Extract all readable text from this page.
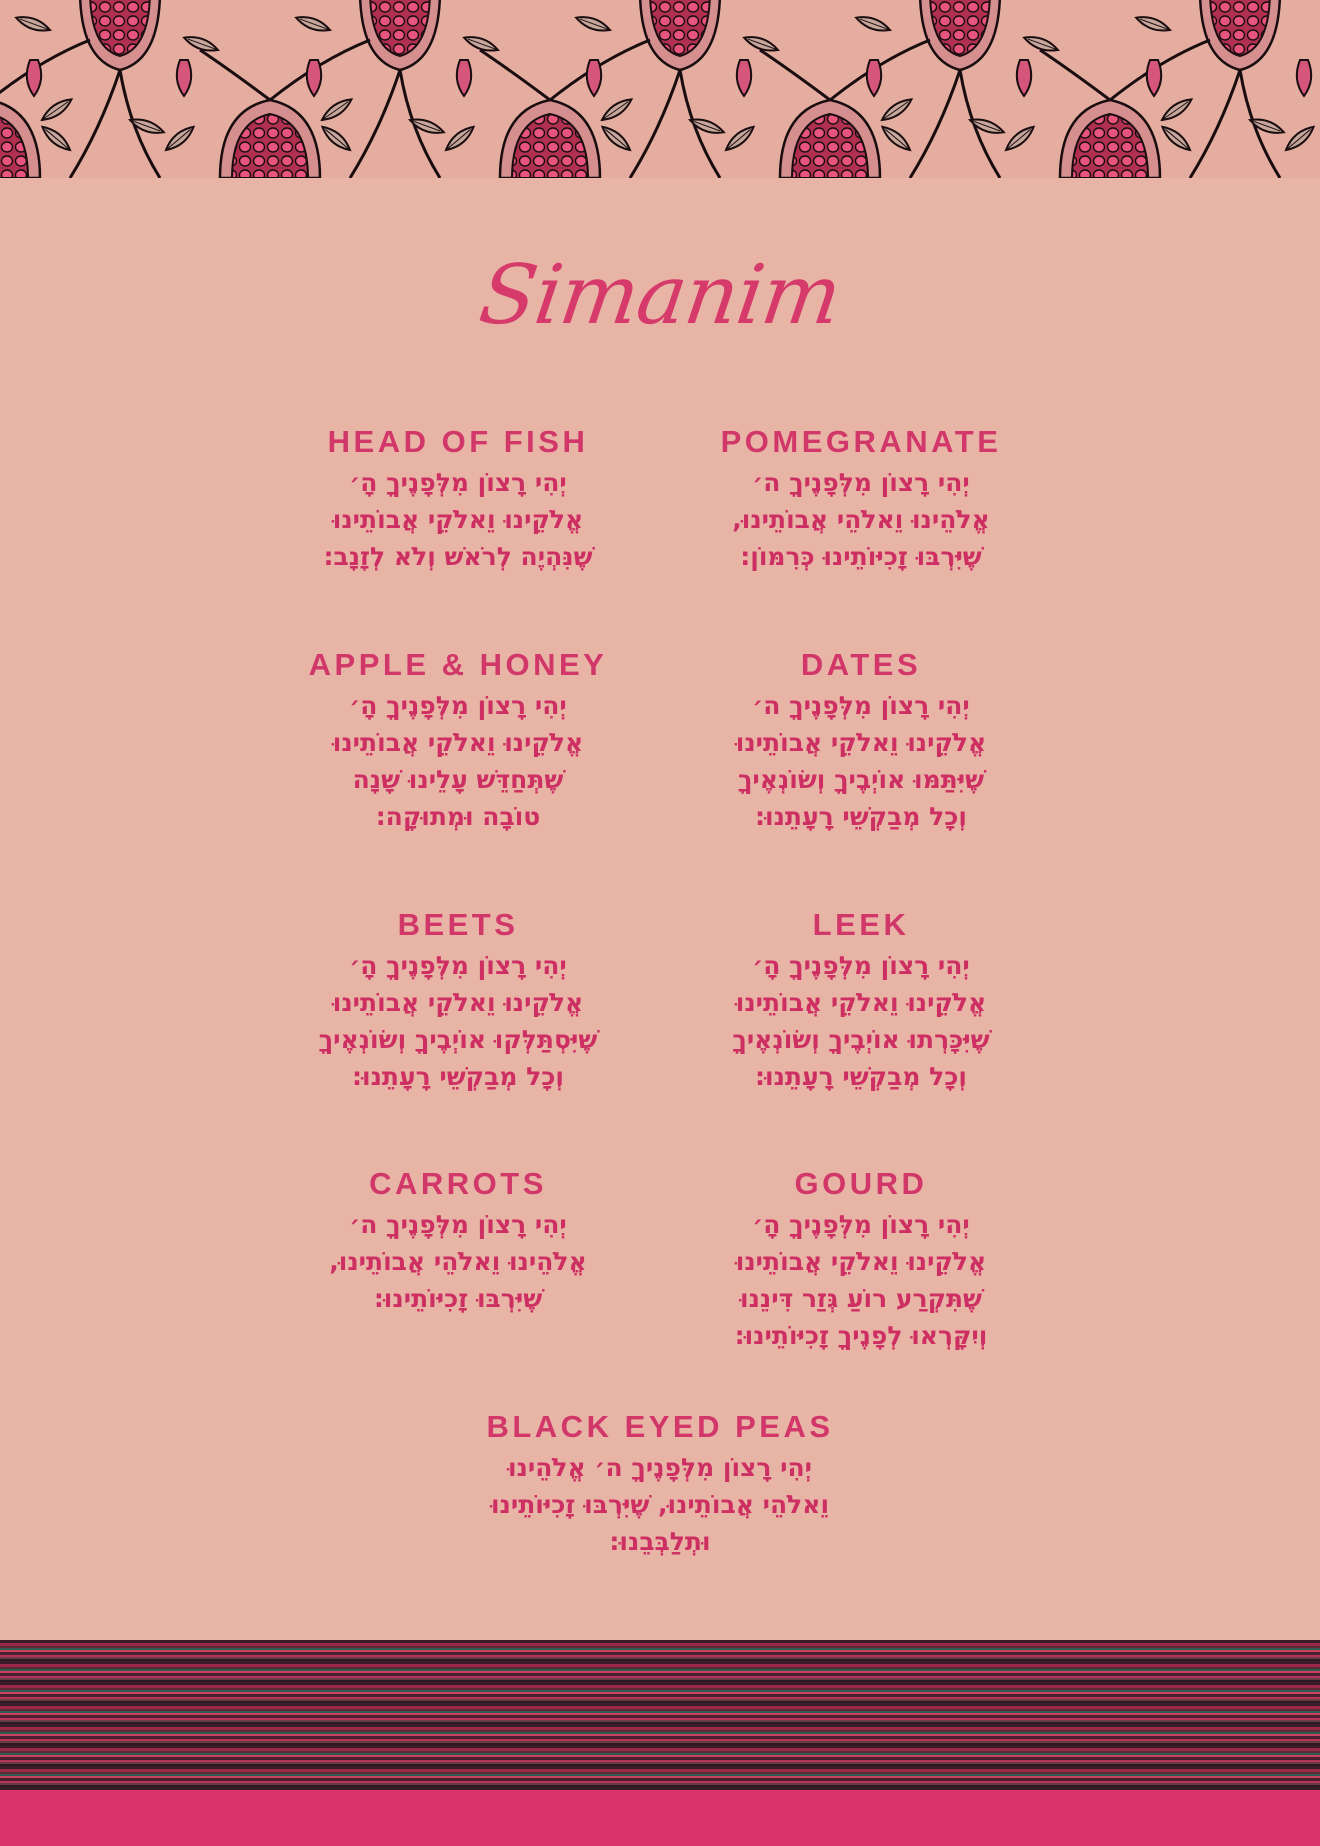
Simanim
HEAD OF FISH
יְהִי רָצוֹן מִלְּפָנֶיךָ הָ׳
אֱלֹקֵינוּ וֵאלֹקֵי אֲבוֹתֵינוּ
שֶׁנִּהְיֶה לְרֹאשׁ וְלֹא לְזָנָב:
POMEGRANATE
יְהִי רָצוֹן מִלְּפָנֶיךָ ה׳
אֱלֹהֵינוּ וֵאלֹהֵי אֲבוֹתֵינוּ,
שֶׁיִּרְבּוּ זָכִיּוֹתֵינוּ כְּרִמּוֹן:
APPLE & HONEY
יְהִי רָצוֹן מִלְּפָנֶיךָ הָ׳
אֱלֹקֵינוּ וֵאלֹקֵי אֲבוֹתֵינוּ
שֶׁתְּחַדֵּשׁ עָלֵינוּ שָׁנָה
טוֹבָה וּמְתוּקָה:
DATES
יְהִי רָצוֹן מִלְּפָנֶיךָ ה׳
אֱלֹקֵינוּ וֵאלֹקֵי אֲבוֹתֵינוּ
שֶׁיִּתַּמּוּ אוֹיְבֶיךָ וְשׂוֹנְאֶיךָ
וְכָל מְבַקְשֵׁי רָעָתֵנוּ:
BEETS
יְהִי רָצוֹן מִלְּפָנֶיךָ הָ׳
אֱלֹקֵינוּ וֵאלֹקֵי אֲבוֹתֵינוּ
שֶׁיִּסְתַּלְּקוּ אוֹיְבֶיךָ וְשׂוֹנְאֶיךָ
וְכָל מְבַקְשֵׁי רָעָתֵנוּ:
LEEK
יְהִי רָצוֹן מִלְּפָנֶיךָ הָ׳
אֱלֹקֵינוּ וֵאלֹקֵי אֲבוֹתֵינוּ
שֶׁיִּכָּרְתוּ אוֹיְבֶיךָ וְשׂוֹנְאֶיךָ
וְכָל מְבַקְשֵׁי רָעָתֵנוּ:
CARROTS
יְהִי רָצוֹן מִלְּפָנֶיךָ ה׳
אֱלֹהֵינוּ וֵאלֹהֵי אֲבוֹתֵינוּ,
שֶׁיִּרְבּוּ זָכִיּוֹתֵינוּ:
GOURD
יְהִי רָצוֹן מִלְּפָנֶיךָ הָ׳
אֱלֹקֵינוּ וֵאלֹקֵי אֲבוֹתֵינוּ
שֶׁתִּקְרַע רוֹעַ גְּזַר דִּינֵנוּ
וְיִקָּרְאוּ לְפָנֶיךָ זָכִיּוֹתֵינוּ:
BLACK EYED PEAS
יְהִי רָצוֹן מִלְּפָנֶיךָ ה׳ אֱלֹהֵינוּ
וֵאלֹהֵי אֲבוֹתֵינוּ, שֶׁיִּרְבּוּ זָכִיּוֹתֵינוּ
וּתְלַבְּבֵנוּ:
